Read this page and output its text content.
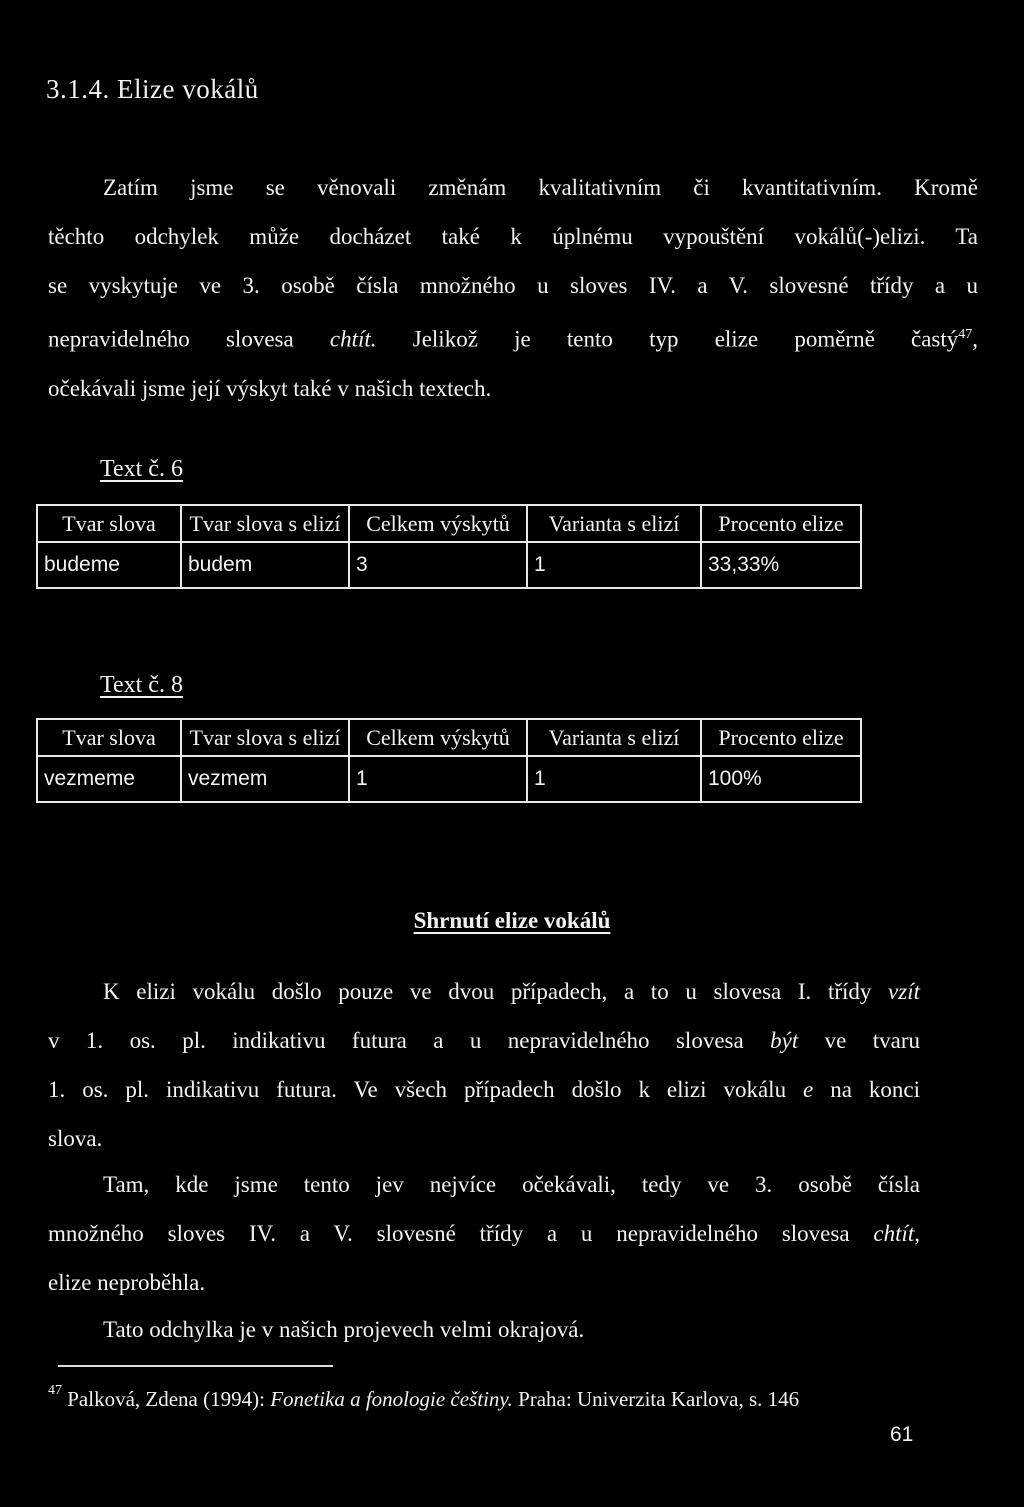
3.1.4. Elize vokálů
Zatím jsme se věnovali změnám kvalitativním či kvantitativním. Kromě
těchto odchylek může docházet také k úplnému vypouštění vokálů(-)elizi. Ta
se vyskytuje ve 3. osobě čísla množného u sloves IV. a V. slovesné třídy a u
nepravidelného slovesa chtít. Jelikož je tento typ elize poměrně častý$^{47}$,
očekávali jsme její výskyt také v našich textech.
Text č. 6
Tvar slova	Tvar slova s elizí	Celkem výskytů	Varianta s elizí	Procento elize
budeme	budem	3	1	33,33%
Text č. 8
Tvar slova	Tvar slova s elizí	Celkem výskytů	Varianta s elizí	Procento elize
vezmeme	vezmem	1	1	100%
Shrnutí elize vokálů
K elizi vokálu došlo pouze ve dvou případech, a to u slovesa I. třídy vzít
v 1. os. pl. indikativu futura a u nepravidelného slovesa být ve tvaru
1. os. pl. indikativu futura. Ve všech případech došlo k elizi vokálu e na konci
slova.
Tam, kde jsme tento jev nejvíce očekávali, tedy ve 3. osobě čísla
množného sloves IV. a V. slovesné třídy a u nepravidelného slovesa chtít,
elize neproběhla.
Tato odchylka je v našich projevech velmi okrajová.
$^{47}$ Palková, Zdena (1994): Fonetika a fonologie češtiny. Praha: Univerzita Karlova, s. 146
61
